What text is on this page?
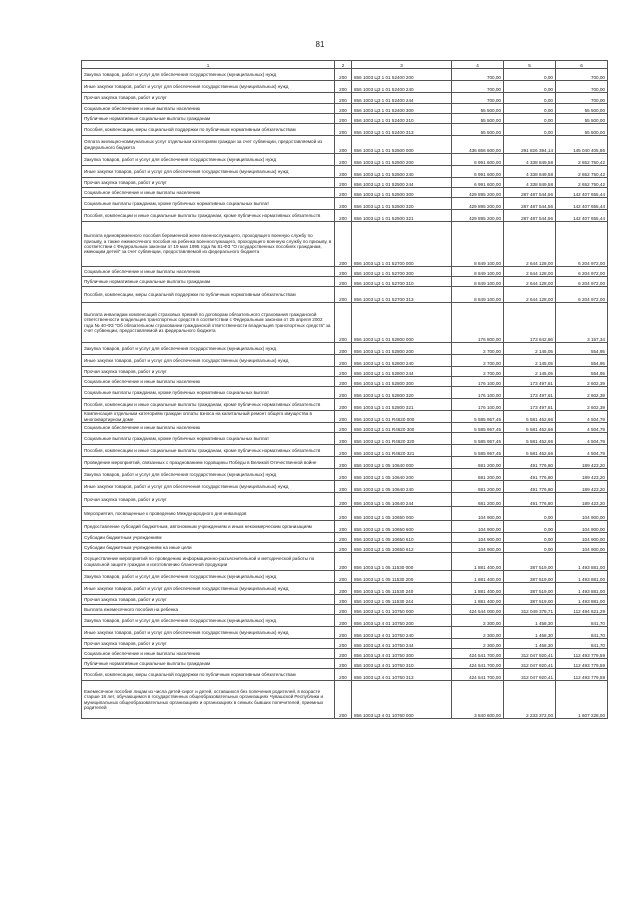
81
1	2	3	4	5	6
Закупка товаров, работ и услуг для обеспечения государственных (муниципальных) нужд	200	856 1003 Ц3 1 01 52400 200	700,00	0,00	700,00
Иные закупки товаров, работ и услуг для обеспечения государственных (муниципальных) нужд	200	856 1003 Ц3 1 01 52400 240	700,00	0,00	700,00
Прочая закупка товаров, работ и услуг	200	856 1003 Ц3 1 01 52400 244	700,00	0,00	700,00
Социальное обеспечение и иные выплаты населению	200	856 1003 Ц3 1 01 52400 300	55 500,00	0,00	55 500,00
Публичные нормативные социальные выплаты гражданам	200	856 1003 Ц3 1 01 52400 310	55 500,00	0,00	55 500,00
Пособия, компенсации, меры социальной поддержки по публичным нормативным обязательствам	200	856 1003 Ц3 1 01 52400 313	55 500,00	0,00	55 500,00
Оплата жилищно-коммунальных услуг отдельным категориям граждан за счет субвенции, предоставляемой из федерального бюджета	200	856 1003 Ц3 1 01 52500 000	436 866 600,00	291 826 394,14	145 040 405,86
Закупка товаров, работ и услуг для обеспечения государственных (муниципальных) нужд	200	856 1003 Ц3 1 01 52500 200	6 991 600,00	4 338 849,58	2 652 750,42
Иные закупки товаров, работ и услуг для обеспечения государственных (муниципальных) нужд	200	856 1003 Ц3 1 01 52500 240	6 991 600,00	4 338 849,58	2 652 750,42
Прочая закупка товаров, работ и услуг	200	856 1003 Ц3 1 01 52500 244	6 991 600,00	4 338 849,58	2 652 750,42
Социальное обеспечение и иные выплаты населению	200	856 1003 Ц3 1 01 52500 300	429 895 200,00	287 487 544,56	142 407 655,44
Социальные выплаты гражданам, кроме публичных нормативных социальных выплат	200	856 1003 Ц3 1 01 52500 320	429 895 200,00	287 487 544,56	142 407 655,44
Пособия, компенсации и иные социальные выплаты гражданам, кроме публичных нормативных обязательств	200	856 1003 Ц3 1 01 52500 321	429 895 200,00	287 487 544,56	142 407 655,44
Выплата единовременного пособия беременной жене военнослужащего, проходящего военную службу по призыву, а также ежемесячного пособия на ребенка военнослужащего, проходящего военную службу по призыву, в соответствии с Федеральным законом от 19 мая 1995 года № 81-ФЗ "О государственных пособиях гражданам, имеющим детей" за счет субвенции, предоставляемой из федерального бюджета	200	856 1003 Ц3 1 01 52700 000	8 849 100,00	2 644 128,00	6 204 972,00
Социальное обеспечение и иные выплаты населению	200	856 1003 Ц3 1 01 52700 300	8 849 100,00	2 644 128,00	6 204 972,00
Публичные нормативные социальные выплаты гражданам	200	856 1003 Ц3 1 01 52700 310	8 849 100,00	2 644 128,00	6 204 972,00
Пособия, компенсации, меры социальной поддержки по публичным нормативным обязательствам	200	856 1003 Ц3 1 01 52700 313	8 849 100,00	2 644 128,00	6 204 972,00
Выплата инвалидам компенсаций страховых премий по договорам обязательного страхования гражданской ответственности владельцев транспортных средств в соответствии с Федеральным законом от 25 апреля 2002 года № 40-ФЗ "Об обязательном страховании гражданской ответственности владельцев транспортных средств" за счет субвенции, предоставляемой из федерального бюджета	200	856 1003 Ц3 1 01 52800 000	176 800,00	173 642,66	3 157,34
Закупка товаров, работ и услуг для обеспечения государственных (муниципальных) нужд	200	856 1003 Ц3 1 01 52800 200	2 700,00	2 145,05	554,95
Иные закупки товаров, работ и услуг для обеспечения государственных (муниципальных) нужд	200	856 1003 Ц3 1 01 52800 240	2 700,00	2 145,05	554,95
Прочая закупка товаров, работ и услуг	200	856 1003 Ц3 1 01 52800 244	2 700,00	2 145,05	554,95
Социальное обеспечение и иные выплаты населению	200	856 1003 Ц3 1 01 52800 300	176 100,00	173 497,61	2 602,39
Социальные выплаты гражданам, кроме публичных нормативных социальных выплат	200	856 1003 Ц3 1 01 52800 320	176 100,00	173 497,61	2 602,39
Пособия, компенсации и иные социальные выплаты гражданам, кроме публичных нормативных обязательств	200	856 1003 Ц3 1 01 52800 321	176 100,00	173 497,61	2 602,39
Компенсация отдельным категориям граждан оплаты взноса на капитальный ремонт общего имущества в многоквартирном доме	200	856 1003 Ц3 1 01 R4620 000	5 585 957,45	5 581 452,66	4 504,79
Социальное обеспечение и иные выплаты населению	200	856 1003 Ц3 1 01 R4620 300	5 585 957,45	5 581 452,66	4 504,79
Социальные выплаты гражданам, кроме публичных нормативных социальных выплат	200	856 1003 Ц3 1 01 R4620 320	5 585 957,45	5 581 452,66	4 504,79
Пособия, компенсации и иные социальные выплаты гражданам, кроме публичных нормативных обязательств	200	856 1003 Ц3 1 01 R4620 321	5 585 957,45	5 581 452,66	4 504,79
Проведение мероприятий, связанных с празднованием годовщины Победы в Великой Отечественной войне	200	856 1003 Ц3 1 05 10640 000	681 200,00	491 776,80	189 423,20
Закупка товаров, работ и услуг для обеспечения государственных (муниципальных) нужд	200	856 1003 Ц3 1 05 10640 200	681 200,00	491 776,80	189 423,20
Иные закупки товаров, работ и услуг для обеспечения государственных (муниципальных) нужд	200	856 1003 Ц3 1 05 10640 240	681 200,00	491 776,80	189 423,20
Прочая закупка товаров, работ и услуг	200	856 1003 Ц3 1 05 10640 244	681 200,00	491 776,80	189 423,20
Мероприятия, посвященные к проведению Международного дня инвалидов	200	856 1003 Ц3 1 05 10650 000	104 900,00	0,00	104 900,00
Предоставление субсидий бюджетным, автономным учреждениям и иным некоммерческим организациям	200	856 1003 Ц3 1 05 10650 600	104 900,00	0,00	104 900,00
Субсидии бюджетным учреждениям	200	856 1003 Ц3 1 05 10650 610	104 900,00	0,00	104 900,00
Субсидии бюджетным учреждениям на иные цели	200	856 1003 Ц3 1 05 10650 612	104 900,00	0,00	104 900,00
Осуществление мероприятий по проведению информационно-разъяснительной и методической работы по социальной защите граждан и изготовлению бланочной продукции	200	856 1003 Ц3 1 05 11530 000	1 881 400,00	387 519,00	1 493 881,00
Закупка товаров, работ и услуг для обеспечения государственных (муниципальных) нужд	200	856 1003 Ц3 1 05 11530 200	1 881 400,00	387 519,00	1 493 881,00
Иные закупки товаров, работ и услуг для обеспечения государственных (муниципальных) нужд	200	856 1003 Ц3 1 05 11530 240	1 881 400,00	387 519,00	1 493 881,00
Прочая закупка товаров, работ и услуг	200	856 1003 Ц3 1 05 11530 244	1 881 400,00	387 519,00	1 493 881,00
Выплата ежемесячного пособия на ребенка	200	856 1003 Ц3 1 01 10750 000	424 544 000,00	312 049 378,71	112 494 621,29
Закупка товаров, работ и услуг для обеспечения государственных (муниципальных) нужд	200	856 1003 Ц3 4 01 10750 200	2 300,00	1 458,30	841,70
Иные закупки товаров, работ и услуг для обеспечения государственных (муниципальных) нужд	200	856 1003 Ц3 4 01 10750 240	2 300,00	1 458,30	841,70
Прочая закупка товаров, работ и услуг	200	856 1003 Ц3 4 01 10750 244	2 300,00	1 458,30	841,70
Социальное обеспечение и иные выплаты населению	200	856 1003 Ц3 4 01 10750 300	424 541 700,00	312 047 920,41	112 493 779,59
Публичные нормативные социальные выплаты гражданам	200	856 1003 Ц3 4 01 10750 310	424 541 700,00	312 047 920,41	112 493 779,59
Пособия, компенсации, меры социальной поддержки по публичным нормативным обязательствам	200	856 1003 Ц3 4 01 10750 313	424 541 700,00	312 047 920,41	112 493 779,59
Ежемесячное пособие лицам из числа детей-сирот и детей, оставшихся без попечения родителей, в возрасте старше 18 лет, обучающимся в государственных общеобразовательных организациях Чувашской Республики и муниципальных общеобразовательных организациях и организациях в семьях бывших попечителей, приемных родителей	200	856 1003 Ц3 4 01 10760 000	3 840 600,00	2 233 372,00	1 607 228,00
